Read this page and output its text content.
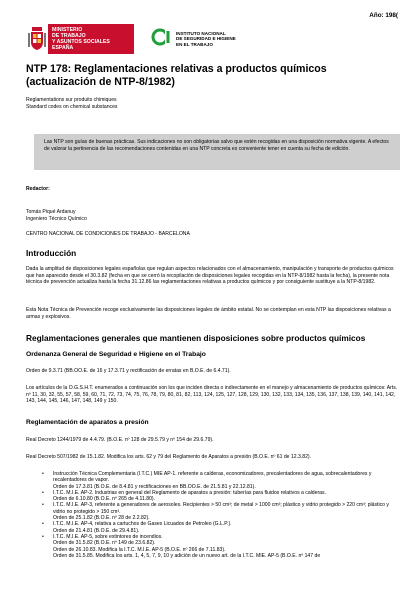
Año: 198(
MINISTERIO
DE TRABAJO
Y ASUNTOS SOCIALES
ESPAÑA
INSTITUTO NACIONAL
DE SEGURIDAD E HIGIENE
EN EL TRABAJO
NTP 178: Reglamentaciones relativas a productos químicos (actualización de NTP-8/1982)
Reglamentations sur produits chimiques
Standard codes on chemical substances
Las NTP son guías de buenas prácticas. Sus indicaciones no son obligatorias salvo que estén recogidas en una disposición normativa vigente. A efectos de valorar la pertinencia de las recomendaciones contenidas en una NTP concreta es conveniente tener en cuenta su fecha de edición.
Redactor:
Tomás Piqué Ardanuy
Ingeniero Técnico Químico
CENTRO NACIONAL DE CONDICIONES DE TRABAJO - BARCELONA
Introducción
Dada la amplitud de disposiciones legales españolas que regulan aspectos relacionados con el almacenamiento, manipulación y transporte de productos químicos que han aparecido desde el 30.3.82 (fecha en que se cerró la recopilación de disposiciones legales recogidas en la NTP-8/1982 hasta la fecha), la presente nota técnica de prevención actualiza hasta la fecha 31.12.86 las reglamentaciones relativas a productos químicos y por consiguiente sustituye a la NTP-8/1982.
Esta Nota Técnica de Prevención recoge exclusivamente las disposiciones legales de ámbito estatal. No se contemplan en esta NTP las disposiciones relativas a armas y explosivos.
Reglamentaciones generales que mantienen disposiciones sobre productos químicos
Ordenanza General de Seguridad e Higiene en el Trabajo
Orden de 9.3.71 (BB.OO.E. de 16 y 17.3.71 y rectificación de erratas en B.O.E. de 6.4.71).
Los artículos de la O.G.S.H.T. enumerados a continuación son los que inciden directa o indirectamente en el manejo y almacenamiento de productos químicos: Arts. nº 11, 30, 32, 55, 57, 58, 59, 60, 71, 72, 73, 74, 75, 76, 78, 79, 80, 81, 82, 113, 124, 125, 127, 128, 129, 130, 132, 133, 134, 135, 136, 137, 138, 139, 140, 141, 142, 143, 144, 145, 146, 147, 148, 149 y 150.
Reglamentación de aparatos a presión
Real Decreto 1244/1979 de 4.4.79. (B.O.E. nº 128 de 29.5.79 y nº 154 de 29.6.79).
Real Decreto 507/1982 de 15.1.82. Modifica los arts. 62 y 79 del Reglamento de Aparatos a presión (B.O.E. nº 61 de 12.3.82).
• Instrucción Técnica Complementaria (I.T.C.) MIE AP-1. referente a calderas, economizadores, precalentadores de agua, sobrecalentadores y recalentadores de vapor.
Orden de 17.3.81 (B.O.E. de 8.4.81 y rectificaciones en BB.OO.E. de 21.5.81 y 22.12.81).
• I.T.C. M.I.E. AP-2. Industrias en general del Reglamento de aparatos a presión: tuberías para fluidos relativos a calderas.
Orden de 6.10.80 (B.O.E. nº 265 de 4.11.80).
• I.T.C. M.I.E. AP-3, referente a generadores de aerosoles. Recipientes > 50 cm³; de metal > 1000 cm³; plástico y vidrio protegido > 220 cm³; plástico y vidrio no protegido > 150 cm³.
Orden de 25.1.82 (B.O.E. nº 28 de 2.2.82).
• I.T.C. M.I.E. AP-4, relativa a cartuchos de Gases Licuados de Petroleo (G.L.P.).
Orden de 21.4.81 (B.O.E. de 29.4.81).
• I.T.C. M.I.E. AP-5, sobre extintores de incendios.
Orden de 31.5.82 (B.O.E. nº 149 de 23.6.82).
Orden de 26.10.83. Modifica la I.T.C. M.I.E. AP-5 (B.O.E. nº 266 de 7.11.83).
Orden de 31.5.85. Modifica los arts. 1, 4, 5, 7, 9, 10 y adición de un nuevo art. de la I.T.C. MIE. AP-5 (B.O.E. nº 147 de
